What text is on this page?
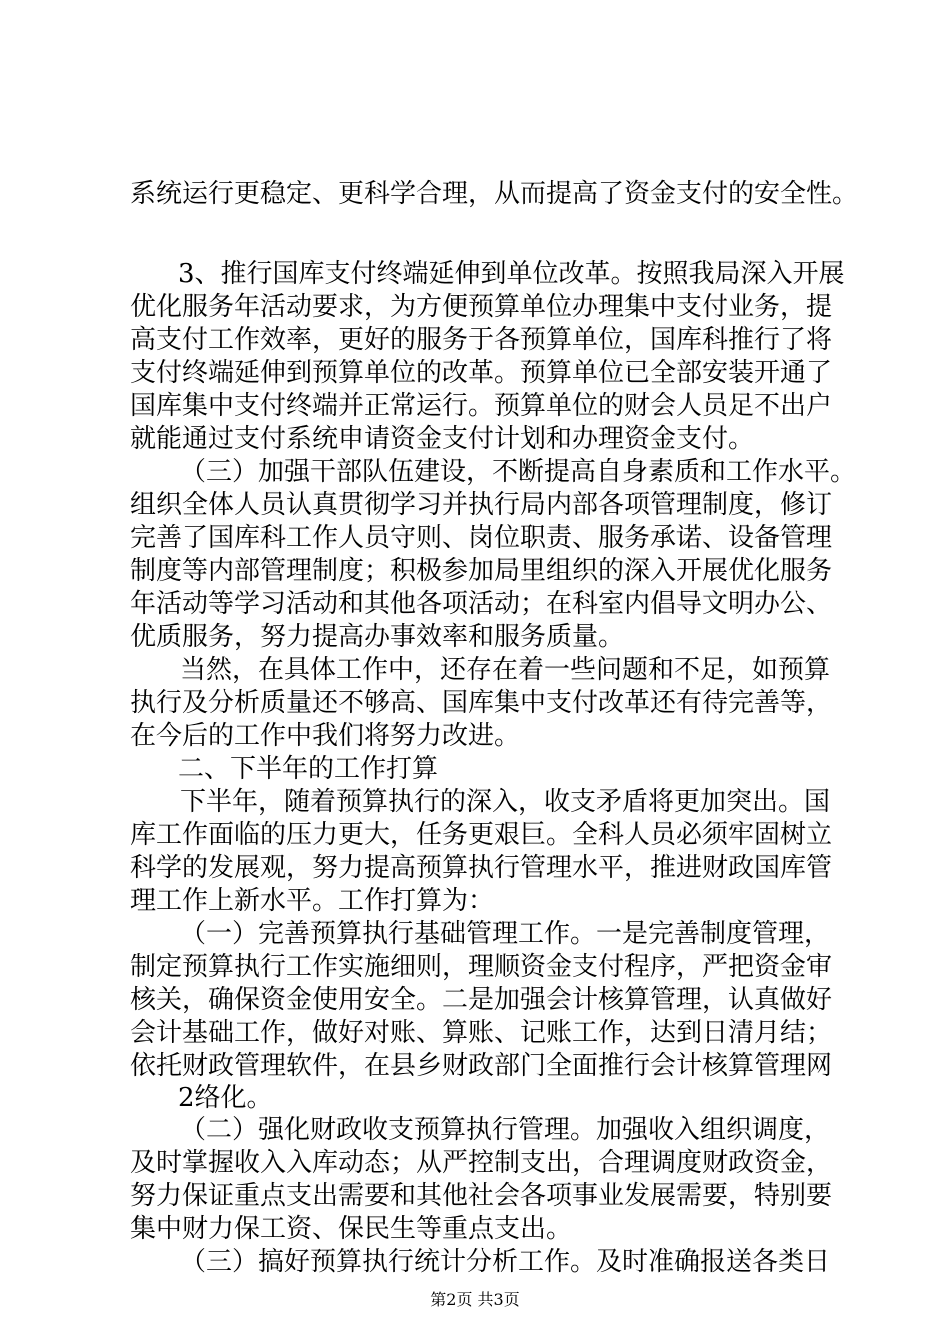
系统运行更稳定、更科学合理，从而提高了资金支付的安全性。
3、推行国库支付终端延伸到单位改革。按照我局深入开展
优化服务年活动要求，为方便预算单位办理集中支付业务，提
高支付工作效率，更好的服务于各预算单位，国库科推行了将
支付终端延伸到预算单位的改革。预算单位已全部安装开通了
国库集中支付终端并正常运行。预算单位的财会人员足不出户
就能通过支付系统申请资金支付计划和办理资金支付。
（三）加强干部队伍建设，不断提高自身素质和工作水平。
组织全体人员认真贯彻学习并执行局内部各项管理制度，修订
完善了国库科工作人员守则、岗位职责、服务承诺、设备管理
制度等内部管理制度；积极参加局里组织的深入开展优化服务
年活动等学习活动和其他各项活动；在科室内倡导文明办公、
优质服务，努力提高办事效率和服务质量。
当然，在具体工作中，还存在着一些问题和不足，如预算
执行及分析质量还不够高、国库集中支付改革还有待完善等，
在今后的工作中我们将努力改进。
二、下半年的工作打算
下半年，随着预算执行的深入，收支矛盾将更加突出。国
库工作面临的压力更大，任务更艰巨。全科人员必须牢固树立
科学的发展观，努力提高预算执行管理水平，推进财政国库管
理工作上新水平。工作打算为：
（一）完善预算执行基础管理工作。一是完善制度管理，
制定预算执行工作实施细则，理顺资金支付程序，严把资金审
核关，确保资金使用安全。二是加强会计核算管理，认真做好
会计基础工作，做好对账、算账、记账工作，达到日清月结；
依托财政管理软件，在县乡财政部门全面推行会计核算管理网
2络化。
（二）强化财政收支预算执行管理。加强收入组织调度，
及时掌握收入入库动态；从严控制支出，合理调度财政资金，
努力保证重点支出需要和其他社会各项事业发展需要，特别要
集中财力保工资、保民生等重点支出。
（三）搞好预算执行统计分析工作。及时准确报送各类日
第2页 共3页
